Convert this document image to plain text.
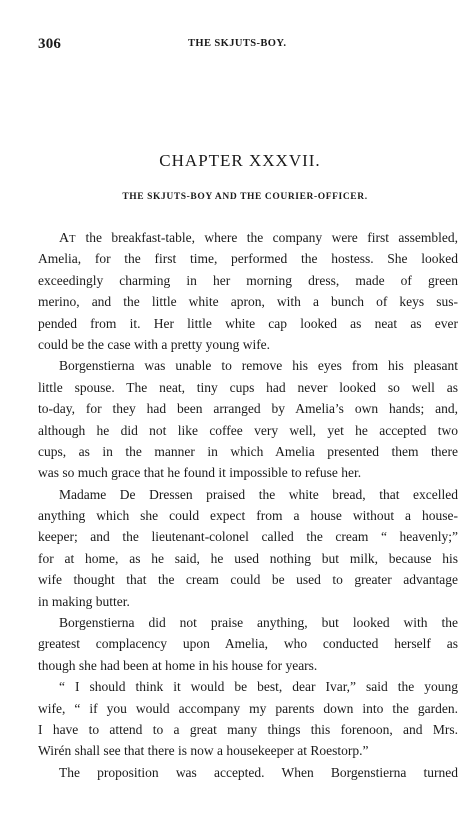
306	THE SKJUTS-BOY.
CHAPTER XXXVII.
THE SKJUTS-BOY AND THE COURIER-OFFICER.
AT the breakfast-table, where the company were first assembled,
Amelia, for the first time, performed the hostess. She looked
exceedingly charming in her morning dress, made of green
merino, and the little white apron, with a bunch of keys sus-
pended from it. Her little white cap looked as neat as ever
could be the case with a pretty young wife.
Borgenstierna was unable to remove his eyes from his pleasant
little spouse. The neat, tiny cups had never looked so well as
to-day, for they had been arranged by Amelia’s own hands; and,
although he did not like coffee very well, yet he accepted two
cups, as in the manner in which Amelia presented them there
was so much grace that he found it impossible to refuse her.
Madame De Dressen praised the white bread, that excelled
anything which she could expect from a house without a house-
keeper; and the lieutenant-colonel called the cream “ heavenly;”
for at home, as he said, he used nothing but milk, because his
wife thought that the cream could be used to greater advantage
in making butter.
Borgenstierna did not praise anything, but looked with the
greatest complacency upon Amelia, who conducted herself as
though she had been at home in his house for years.
“ I should think it would be best, dear Ivar,” said the young
wife, “ if you would accompany my parents down into the garden.
I have to attend to a great many things this forenoon, and Mrs.
Wirén shall see that there is now a housekeeper at Roestorp.”
The proposition was accepted. When Borgenstierna turned
